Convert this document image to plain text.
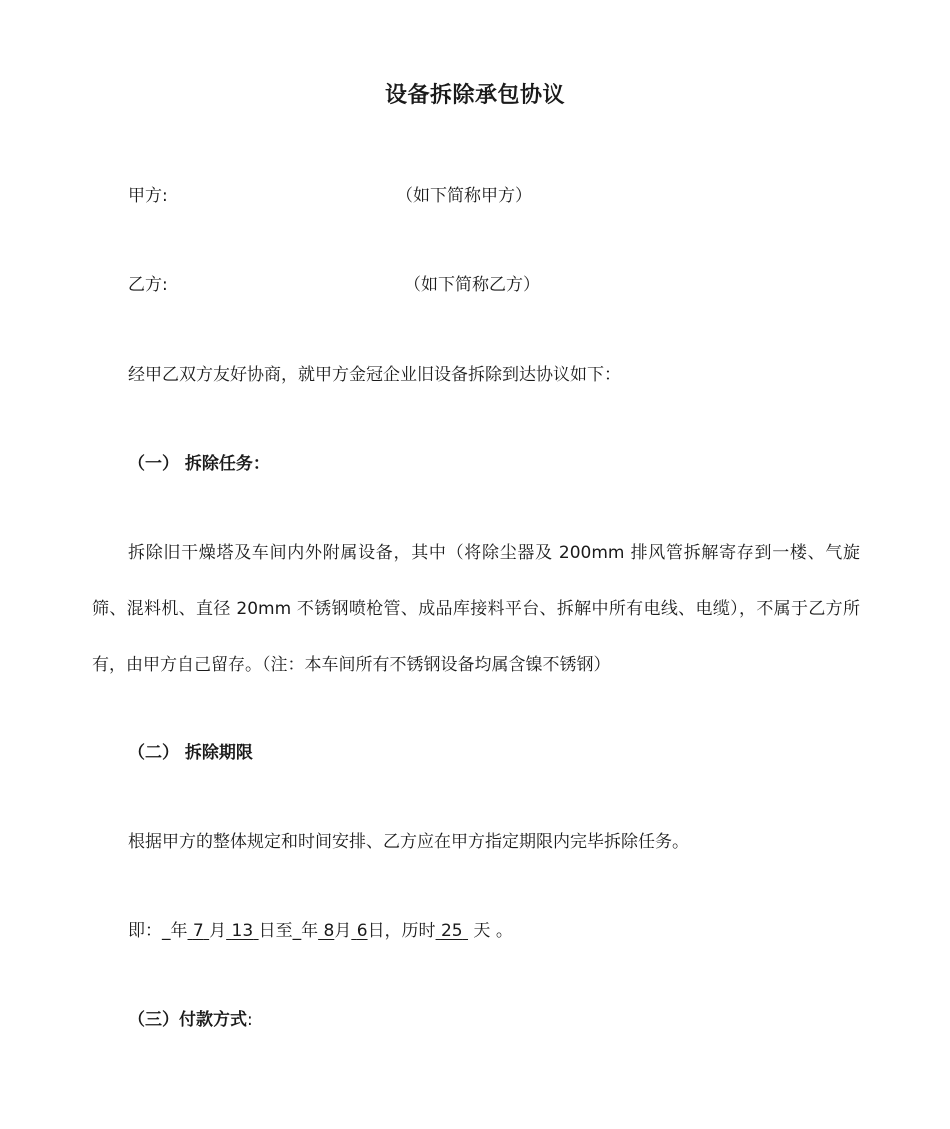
设备拆除承包协议
甲方:	（如下简称甲方）
乙方:	（如下简称乙方）
经甲乙双方友好协商，就甲方金冠企业旧设备拆除到达协议如下：
（一） 拆除任务：
拆除旧干燥塔及车间内外附属设备，其中（将除尘器及 200mm 排风管拆解寄存到一楼、气旋筛、混料机、直径 20mm 不锈钢喷枪管、成品库接料平台、拆解中所有电线、电缆），不属于乙方所有，由甲方自己留存。（注：本车间所有不锈钢设备均属含镍不锈钢）
（二） 拆除期限
根据甲方的整体规定和时间安排、乙方应在甲方指定期限内完毕拆除任务。
即：_年 7 月 13 日至_年 8月 6日，历时 25 天 。
（三）付款方式:
